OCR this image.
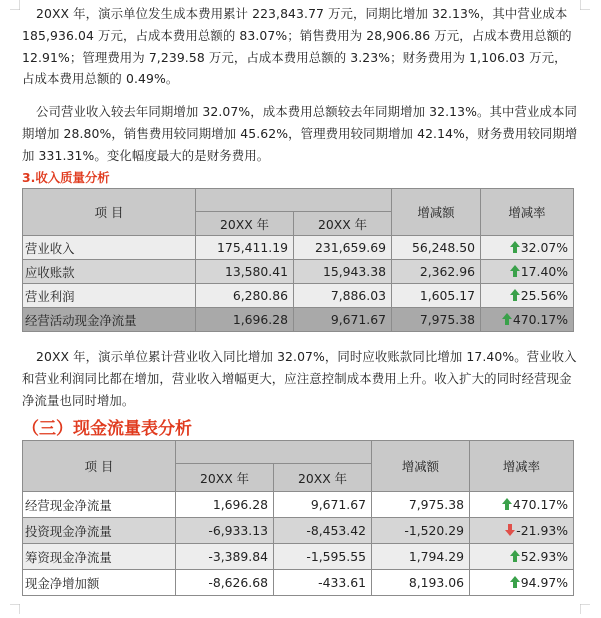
20XX 年，演示单位发生成本费用累计 223,843.77 万元，同期比增加 32.13%，其中营业成本 185,936.04 万元，占成本费用总额的 83.07%；销售费用为 28,906.86 万元，占成本费用总额的 12.91%；管理费用为 7,239.58 万元，占成本费用总额的 3.23%；财务费用为 1,106.03 万元，占成本费用总额的 0.49%。

公司营业收入较去年同期增加 32.07%，成本费用总额较去年同期增加 32.13%。其中营业成本同期增加 28.80%，销售费用较同期增加 45.62%，管理费用较同期增加 42.14%，财务费用较同期增加 331.31%。变化幅度最大的是财务费用。

3.收入质量分析
项 目			增减额	增减率
	20XX 年	20XX 年		
营业收入	175,411.19	231,659.69	56,248.50	32.07%
应收账款	13,580.41	15,943.38	2,362.96	17.40%
营业利润	6,280.86	7,886.03	1,605.17	25.56%
经营活动现金净流量	1,696.28	9,671.67	7,975.38	470.17%

20XX 年，演示单位累计营业收入同比增加 32.07%，同时应收账款同比增加 17.40%。营业收入和营业利润同比都在增加，营业收入增幅更大，应注意控制成本费用上升。收入扩大的同时经营现金净流量也同时增加。

（三）现金流量表分析
项 目			增减额	增减率
	20XX 年	20XX 年		
经营现金净流量	1,696.28	9,671.67	7,975.38	470.17%
投资现金净流量	-6,933.13	-8,453.42	-1,520.29	-21.93%
筹资现金净流量	-3,389.84	-1,595.55	1,794.29	52.93%
现金净增加额	-8,626.68	-433.61	8,193.06	94.97%
